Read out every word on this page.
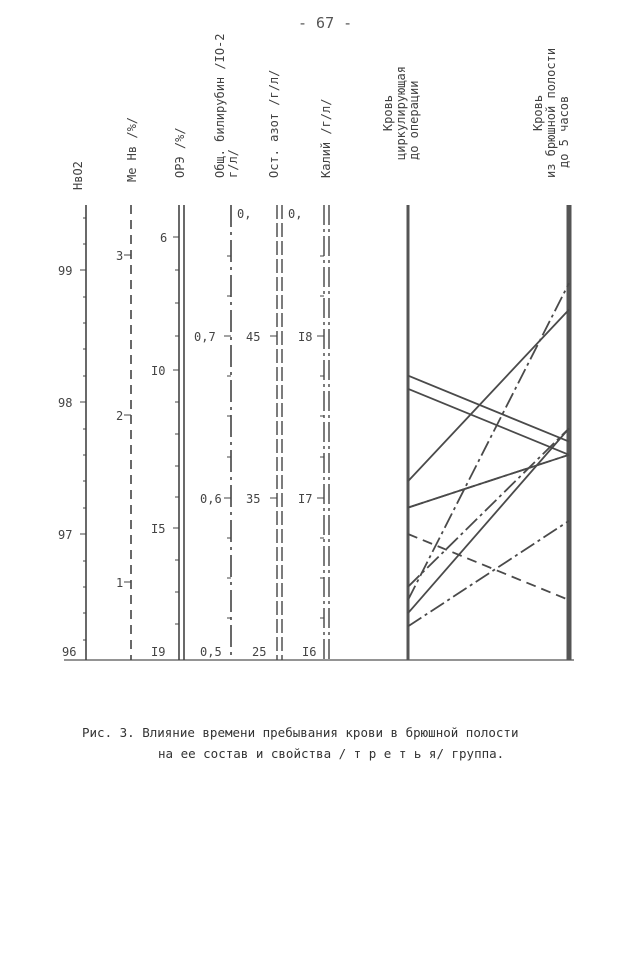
- 67 -
HвO2	Me Hв /%/	ОРЭ /%/ Общ. билирубин /IO-2 г/л/ Ост. азот /г/л/	Калий /г/л/	Кровь циркулирующая до операции	Кровь из брюшной полости до 5 часов
99
98
97
96
3
2
1
6
I0
I5
I9
0,
0,7
0,6
0,5
45
35
25
0,
I8
I7
I6
Рис. 3. Влияние времени пребывания крови в брюшной полости
на ее состав и свойства / т р е т ь я/ группа.
